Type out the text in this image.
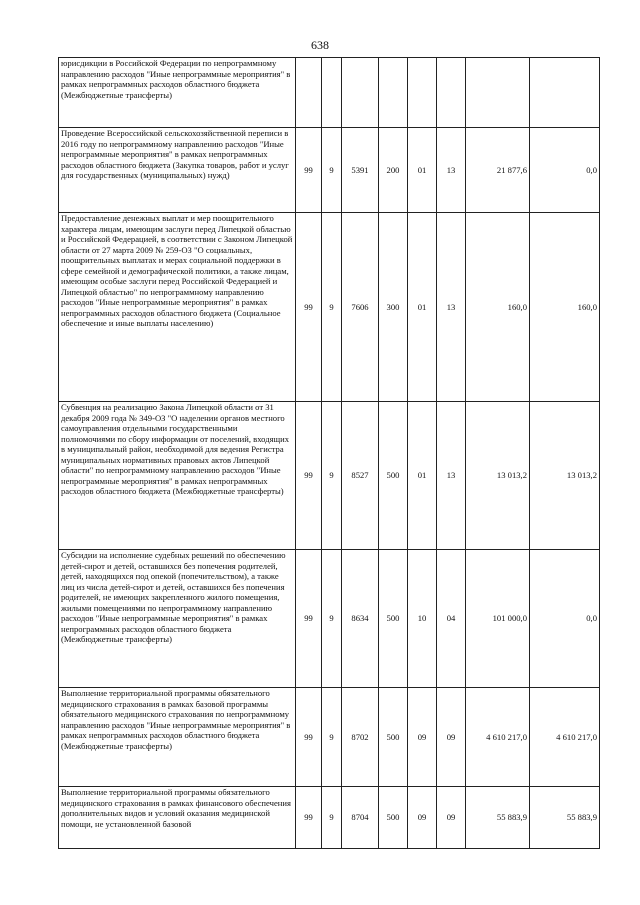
638
юрисдикции в Российской Федерации по непрограммному направлению расходов "Иные непрограммные мероприятия" в рамках непрограммных расходов областного бюджета (Межбюджетные трансферты)								
Проведение Всероссийской сельскохозяйственной переписи в 2016 году по непрограммному направлению расходов "Иные непрограммные мероприятия" в рамках непрограммных расходов областного бюджета (Закупка товаров, работ и услуг для государственных (муниципальных) нужд)	99	9	5391	200	01	13	21 877,6	0,0
Предоставление денежных выплат и мер поощрительного характера лицам, имеющим заслуги перед Липецкой областью и Российской Федерацией, в соответствии с Законом Липецкой области от 27 марта 2009 № 259-ОЗ "О социальных, поощрительных выплатах и мерах социальной поддержки в сфере семейной и демографической политики, а также лицам, имеющим особые заслуги перед Российской Федерацией и Липецкой областью" по непрограммному направлению расходов "Иные непрограммные мероприятия" в рамках непрограммных расходов областного бюджета (Социальное обеспечение и иные выплаты населению)	99	9	7606	300	01	13	160,0	160,0
Субвенция на реализацию Закона Липецкой области от 31 декабря 2009 года № 349-ОЗ "О наделении органов местного самоуправления отдельными государственными полномочиями по сбору информации от поселений, входящих в муниципальный район, необходимой для ведения Регистра муниципальных нормативных правовых актов Липецкой области" по непрограммному направлению расходов "Иные непрограммные мероприятия" в рамках непрограммных расходов областного бюджета (Межбюджетные трансферты)	99	9	8527	500	01	13	13 013,2	13 013,2
Субсидии на исполнение судебных решений по обеспечению детей-сирот и детей, оставшихся без попечения родителей, детей, находящихся под опекой (попечительством), а также лиц из числа детей-сирот и детей, оставшихся без попечения родителей, не имеющих закрепленного жилого помещения, жилыми помещениями по непрограммному направлению расходов "Иные непрограммные мероприятия" в рамках непрограммных расходов областного бюджета (Межбюджетные трансферты)	99	9	8634	500	10	04	101 000,0	0,0
Выполнение территориальной программы обязательного медицинского страхования в рамках базовой программы обязательного медицинского страхования по непрограммному направлению расходов "Иные непрограммные мероприятия" в рамках непрограммных расходов областного бюджета (Межбюджетные трансферты)	99	9	8702	500	09	09	4 610 217,0	4 610 217,0
Выполнение территориальной программы обязательного медицинского страхования в рамках финансового обеспечения дополнительных видов и условий оказания медицинской помощи, не установленной базовой	99	9	8704	500	09	09	55 883,9	55 883,9
